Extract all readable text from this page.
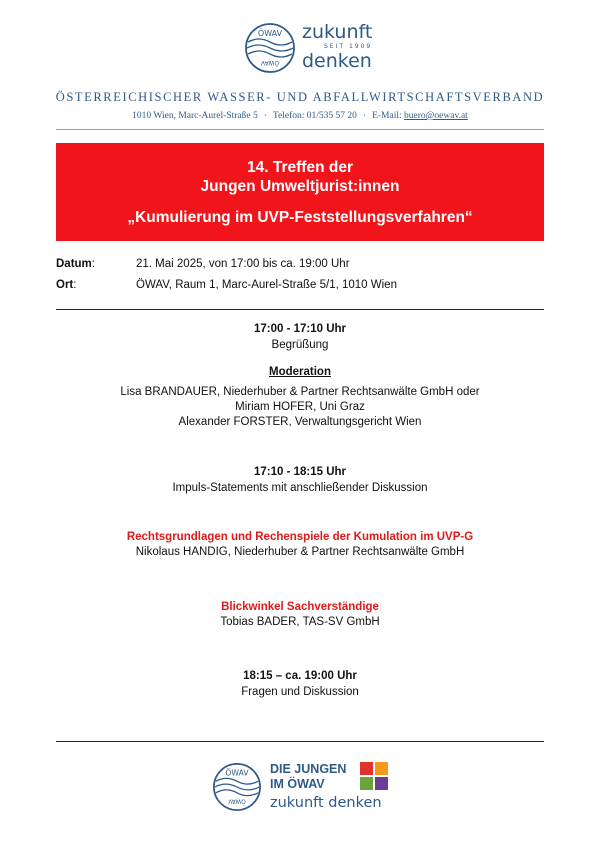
ÖWAV
ÖWAV
zukunft
SEIT 1909
denken
ÖSTERREICHISCHER WASSER- UND ABFALLWIRTSCHAFTSVERBAND
1010 Wien, Marc-Aurel-Straße 5 · Telefon: 01/535 57 20 · E-Mail: buero@oewav.at
14. Treffen der
Jungen Umweltjurist:innen
„Kumulierung im UVP-Feststellungsverfahren“
Datum:	21. Mai 2025, von 17:00 bis ca. 19:00 Uhr
Ort:	ÖWAV, Raum 1, Marc-Aurel-Straße 5/1, 1010 Wien
17:00 - 17:10 Uhr
Begrüßung
Moderation
Lisa BRANDAUER, Niederhuber & Partner Rechtsanwälte GmbH oder
Miriam HOFER, Uni Graz
Alexander FORSTER, Verwaltungsgericht Wien
17:10 - 18:15 Uhr
Impuls-Statements mit anschließender Diskussion
Rechtsgrundlagen und Rechenspiele der Kumulation im UVP-G
Nikolaus HANDIG, Niederhuber & Partner Rechtsanwälte GmbH
Blickwinkel Sachverständige
Tobias BADER, TAS-SV GmbH
18:15 – ca. 19:00 Uhr
Fragen und Diskussion
ÖWAV
ÖWAV
DIE JUNGEN
IM ÖWAV
zukunft denken
